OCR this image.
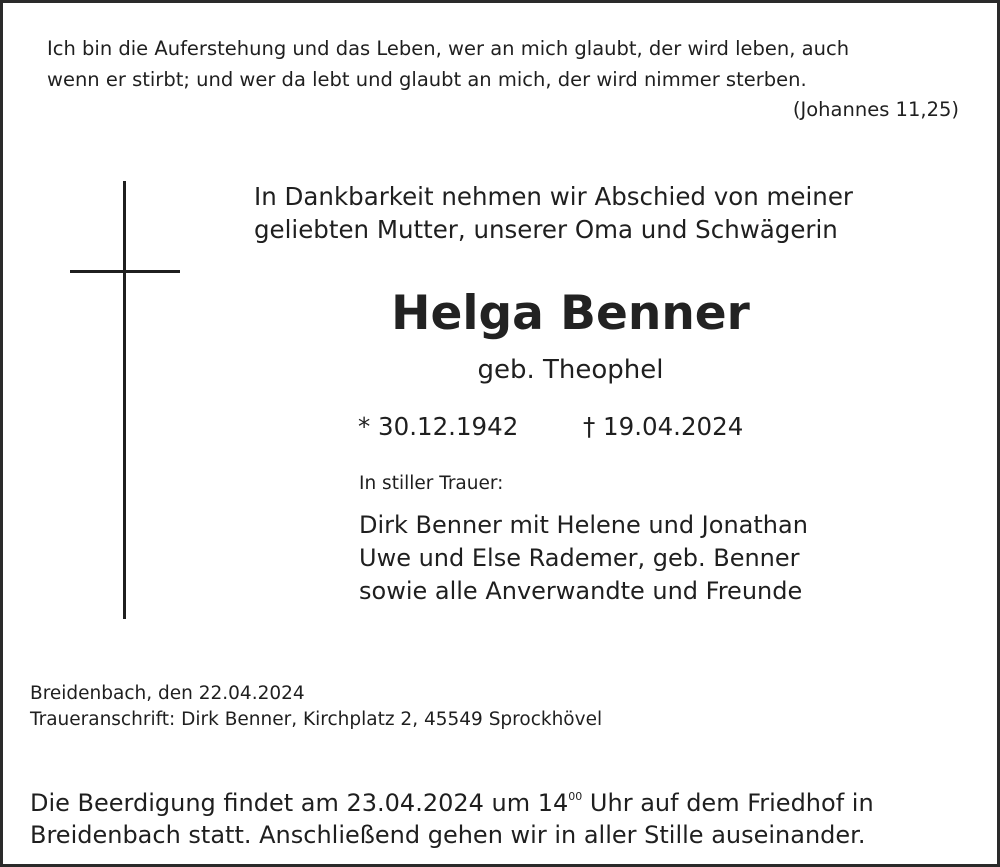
Ich bin die Auferstehung und das Leben, wer an mich glaubt, der wird leben, auch
wenn er stirbt; und wer da lebt und glaubt an mich, der wird nimmer sterben.
(Johannes 11,25)
In Dankbarkeit nehmen wir Abschied von meiner
geliebten Mutter, unserer Oma und Schwägerin
Helga Benner
geb. Theophel
* 30.12.1942	† 19.04.2024
In stiller Trauer:
Dirk Benner mit Helene und Jonathan
Uwe und Else Rademer, geb. Benner
sowie alle Anverwandte und Freunde
Breidenbach, den 22.04.2024
Traueranschrift: Dirk Benner, Kirchplatz 2, 45549 Sprockhövel
Die Beerdigung findet am 23.04.2024 um $14^{00}$ Uhr auf dem Friedhof in
Breidenbach statt. Anschließend gehen wir in aller Stille auseinander.
